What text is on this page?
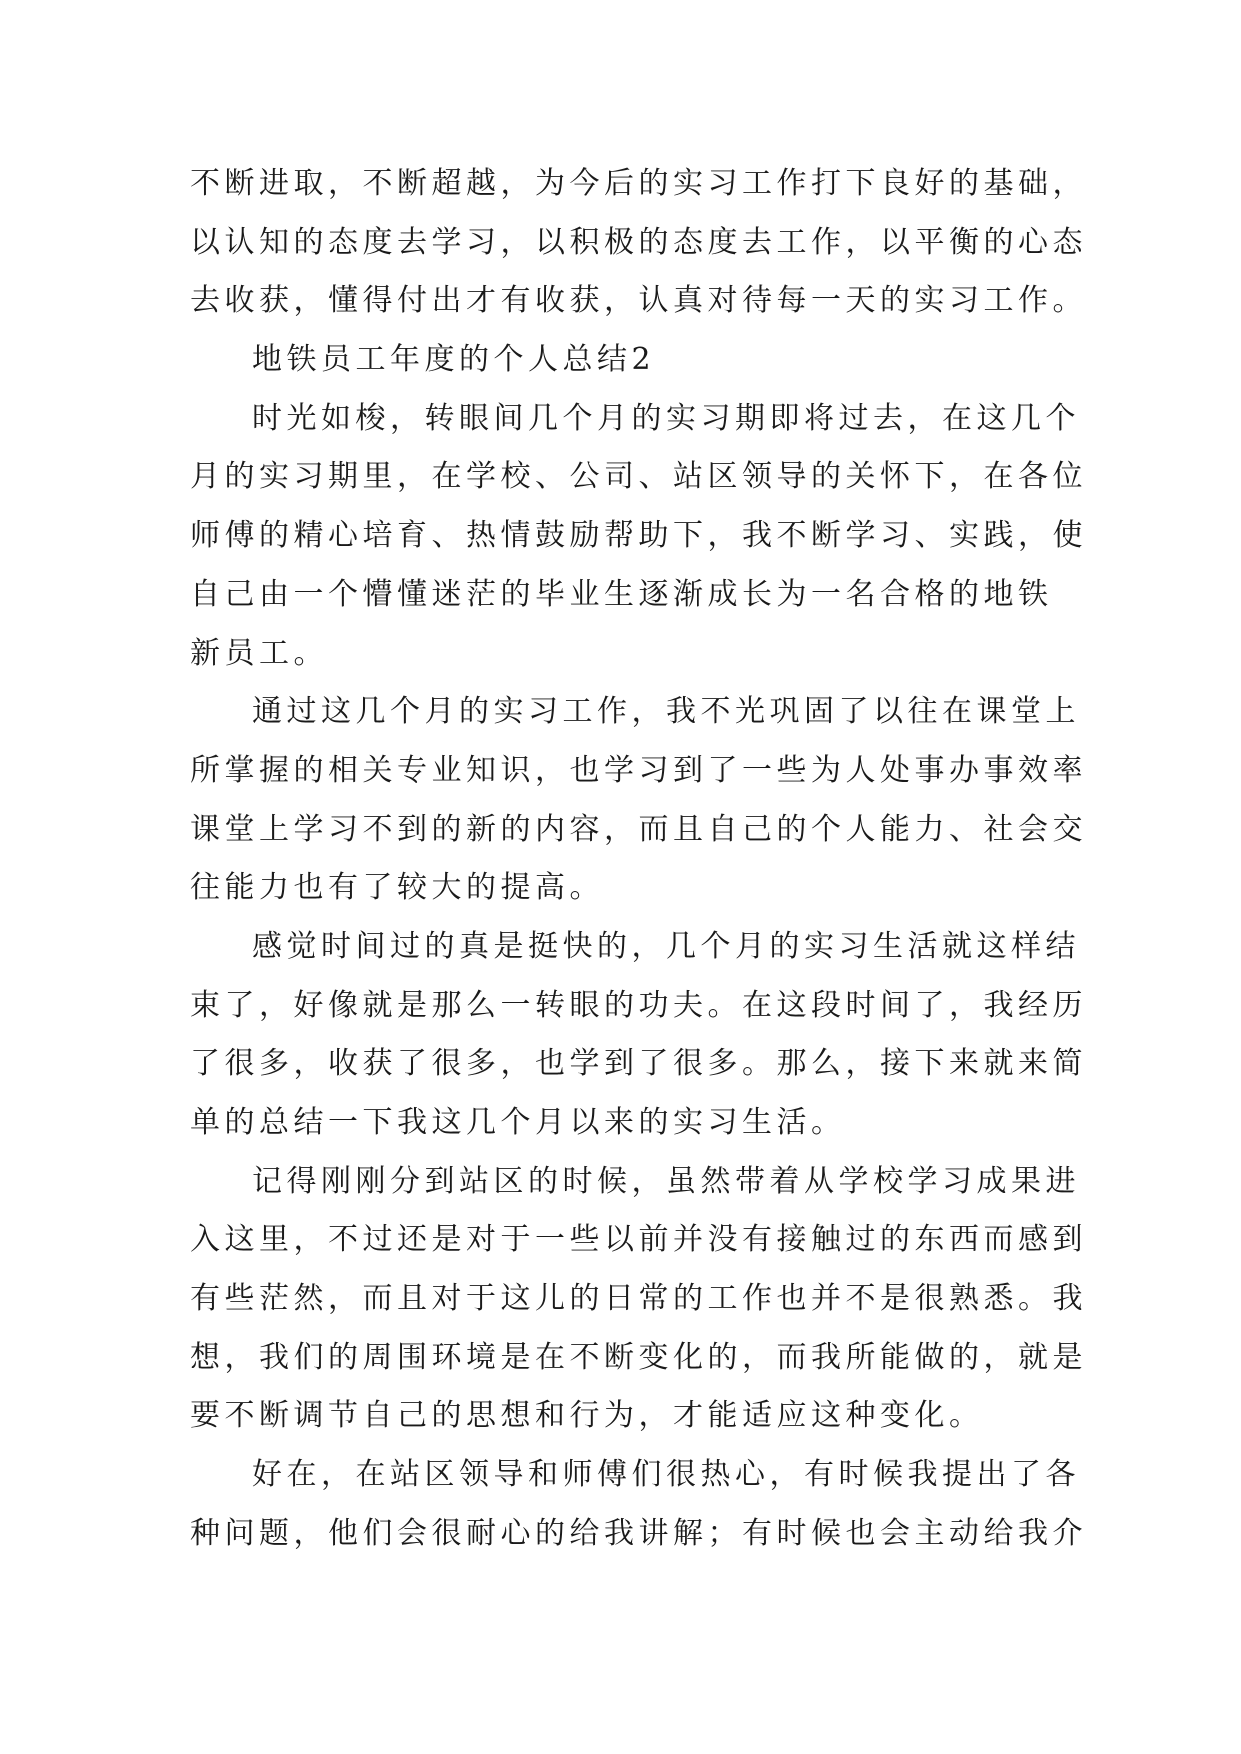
不断进取，不断超越，为今后的实习工作打下良好的基础，
以认知的态度去学习，以积极的态度去工作，以平衡的心态
去收获，懂得付出才有收获，认真对待每一天的实习工作。
地铁员工年度的个人总结2
时光如梭，转眼间几个月的实习期即将过去，在这几个
月的实习期里，在学校、公司、站区领导的关怀下，在各位
师傅的精心培育、热情鼓励帮助下，我不断学习、实践，使
自己由一个懵懂迷茫的毕业生逐渐成长为一名合格的地铁
新员工。
通过这几个月的实习工作，我不光巩固了以往在课堂上
所掌握的相关专业知识，也学习到了一些为人处事办事效率
课堂上学习不到的新的内容，而且自己的个人能力、社会交
往能力也有了较大的提高。
感觉时间过的真是挺快的，几个月的实习生活就这样结
束了，好像就是那么一转眼的功夫。在这段时间了，我经历
了很多，收获了很多，也学到了很多。那么，接下来就来简
单的总结一下我这几个月以来的实习生活。
记得刚刚分到站区的时候，虽然带着从学校学习成果进
入这里，不过还是对于一些以前并没有接触过的东西而感到
有些茫然，而且对于这儿的日常的工作也并不是很熟悉。我
想，我们的周围环境是在不断变化的，而我所能做的，就是
要不断调节自己的思想和行为，才能适应这种变化。
好在，在站区领导和师傅们很热心，有时候我提出了各
种问题，他们会很耐心的给我讲解；有时候也会主动给我介
